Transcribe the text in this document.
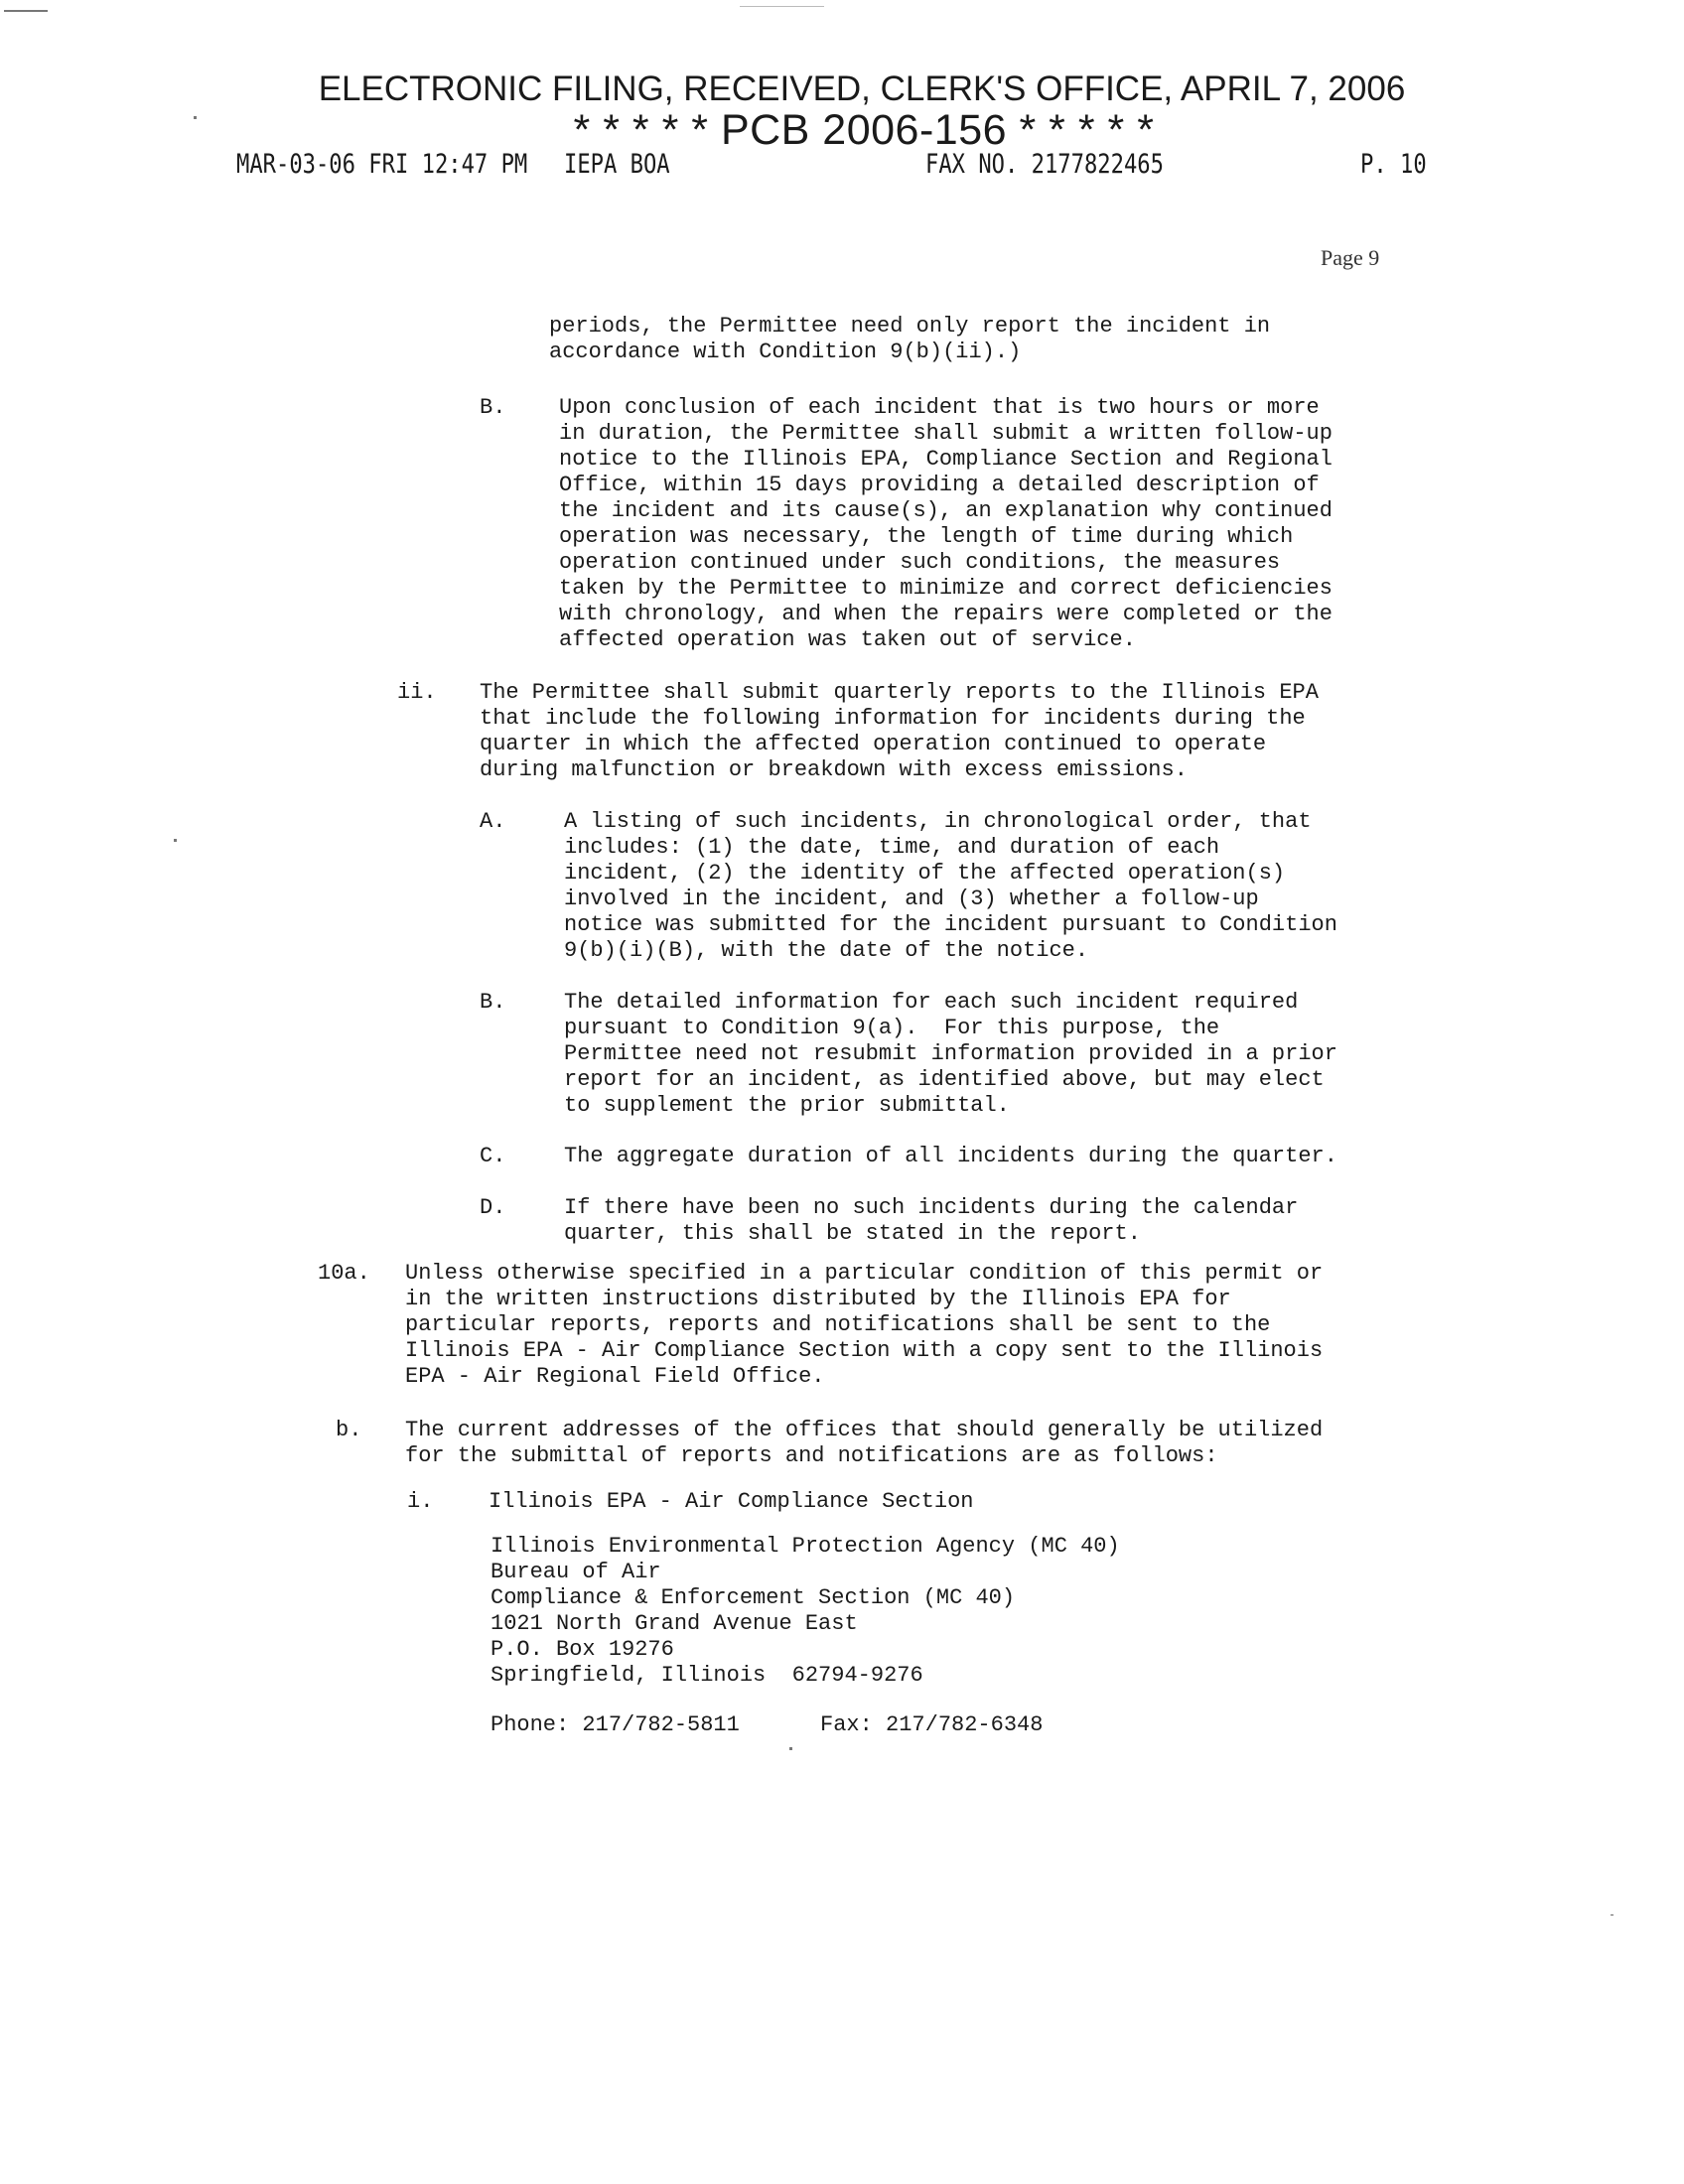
ELECTRONIC FILING, RECEIVED, CLERK'S OFFICE, APRIL 7, 2006
* * * * * PCB 2006-156 * * * * *
MAR-03-06 FRI 12:47 PM IEPA BOA	FAX NO. 2177822465	P. 10
Page 9
periods, the Permittee need only report the incident in
accordance with Condition 9(b)(ii).)
B. Upon conclusion of each incident that is two hours or more
in duration, the Permittee shall submit a written follow-up
notice to the Illinois EPA, Compliance Section and Regional
Office, within 15 days providing a detailed description of
the incident and its cause(s), an explanation why continued
operation was necessary, the length of time during which
operation continued under such conditions, the measures
taken by the Permittee to minimize and correct deficiencies
with chronology, and when the repairs were completed or the
affected operation was taken out of service.
ii. The Permittee shall submit quarterly reports to the Illinois EPA
that include the following information for incidents during the
quarter in which the affected operation continued to operate
during malfunction or breakdown with excess emissions.
A.	A listing of such incidents, in chronological order, that
includes: (1) the date, time, and duration of each
incident, (2) the identity of the affected operation(s)
involved in the incident, and (3) whether a follow-up
notice was submitted for the incident pursuant to Condition
9(b)(i)(B), with the date of the notice.
B.	The detailed information for each such incident required
pursuant to Condition 9(a).  For this purpose, the
Permittee need not resubmit information provided in a prior
report for an incident, as identified above, but may elect
to supplement the prior submittal.
C.	The aggregate duration of all incidents during the quarter.
D.	If there have been no such incidents during the calendar
quarter, this shall be stated in the report.
10a. Unless otherwise specified in a particular condition of this permit or
in the written instructions distributed by the Illinois EPA for
particular reports, reports and notifications shall be sent to the
Illinois EPA - Air Compliance Section with a copy sent to the Illinois
EPA - Air Regional Field Office.
b. The current addresses of the offices that should generally be utilized
for the submittal of reports and notifications are as follows:
i.	Illinois EPA - Air Compliance Section
Illinois Environmental Protection Agency (MC 40)
Bureau of Air
Compliance & Enforcement Section (MC 40)
1021 North Grand Avenue East
P.O. Box 19276
Springfield, Illinois  62794-9276
Phone: 217/782-5811	Fax: 217/782-6348
